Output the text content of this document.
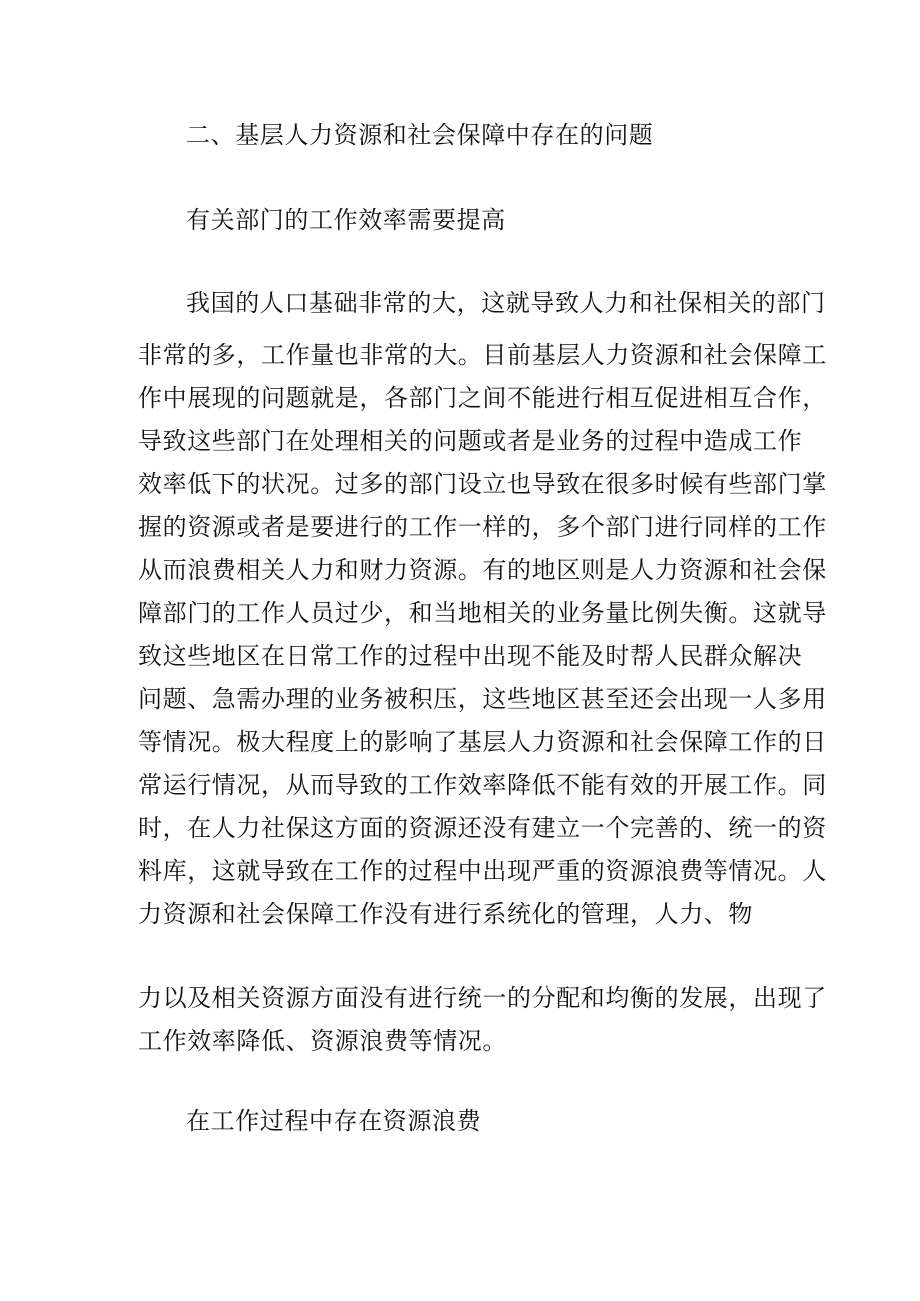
二、基层人力资源和社会保障中存在的问题
有关部门的工作效率需要提高
我国的人口基础非常的大，这就导致人力和社保相关的部门
非常的多，工作量也非常的大。目前基层人力资源和社会保障工
作中展现的问题就是，各部门之间不能进行相互促进相互合作，
导致这些部门在处理相关的问题或者是业务的过程中造成工作
效率低下的状况。过多的部门设立也导致在很多时候有些部门掌
握的资源或者是要进行的工作一样的，多个部门进行同样的工作
从而浪费相关人力和财力资源。有的地区则是人力资源和社会保
障部门的工作人员过少，和当地相关的业务量比例失衡。这就导
致这些地区在日常工作的过程中出现不能及时帮人民群众解决
问题、急需办理的业务被积压，这些地区甚至还会出现一人多用
等情况。极大程度上的影响了基层人力资源和社会保障工作的日
常运行情况，从而导致的工作效率降低不能有效的开展工作。同
时，在人力社保这方面的资源还没有建立一个完善的、统一的资
料库，这就导致在工作的过程中出现严重的资源浪费等情况。人
力资源和社会保障工作没有进行系统化的管理，人力、物
力以及相关资源方面没有进行统一的分配和均衡的发展，出现了
工作效率降低、资源浪费等情况。
在工作过程中存在资源浪费
